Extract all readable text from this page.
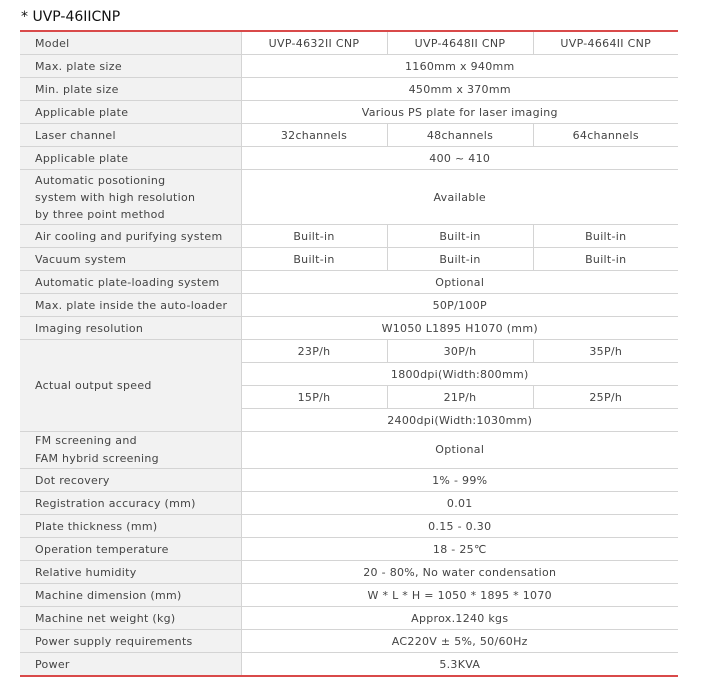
* UVP-46IICNP
Model	UVP-4632II CNP	UVP-4648II CNP	UVP-4664II CNP
Max. plate size	1160mm x 940mm		
Min. plate size	450mm x 370mm		
Applicable plate	Various PS plate for laser imaging		
Laser channel	32channels	48channels	64channels
Applicable plate	400 ~ 410		
Automatic posotioning
system with high resolution
by three point method	Available		
Air cooling and purifying system	Built-in	Built-in	Built-in
Vacuum system	Built-in	Built-in	Built-in
Automatic plate-loading system	Optional		
Max. plate inside the auto-loader	50P/100P		
Imaging resolution	W1050 L1895 H1070 (mm)		
Actual output speed	23P/h	30P/h	35P/h
	1800dpi(Width:800mm)		
	15P/h	21P/h	25P/h
	2400dpi(Width:1030mm)		
FM screening and
FAM hybrid screening	Optional		
Dot recovery	1% - 99%		
Registration accuracy (mm)	0.01		
Plate thickness (mm)	0.15 - 0.30		
Operation temperature	18 - 25℃		
Relative humidity	20 - 80%, No water condensation		
Machine dimension (mm)	W * L * H = 1050 * 1895 * 1070		
Machine net weight (kg)	Approx.1240 kgs		
Power supply requirements	AC220V ± 5%, 50/60Hz		
Power	5.3KVA		
